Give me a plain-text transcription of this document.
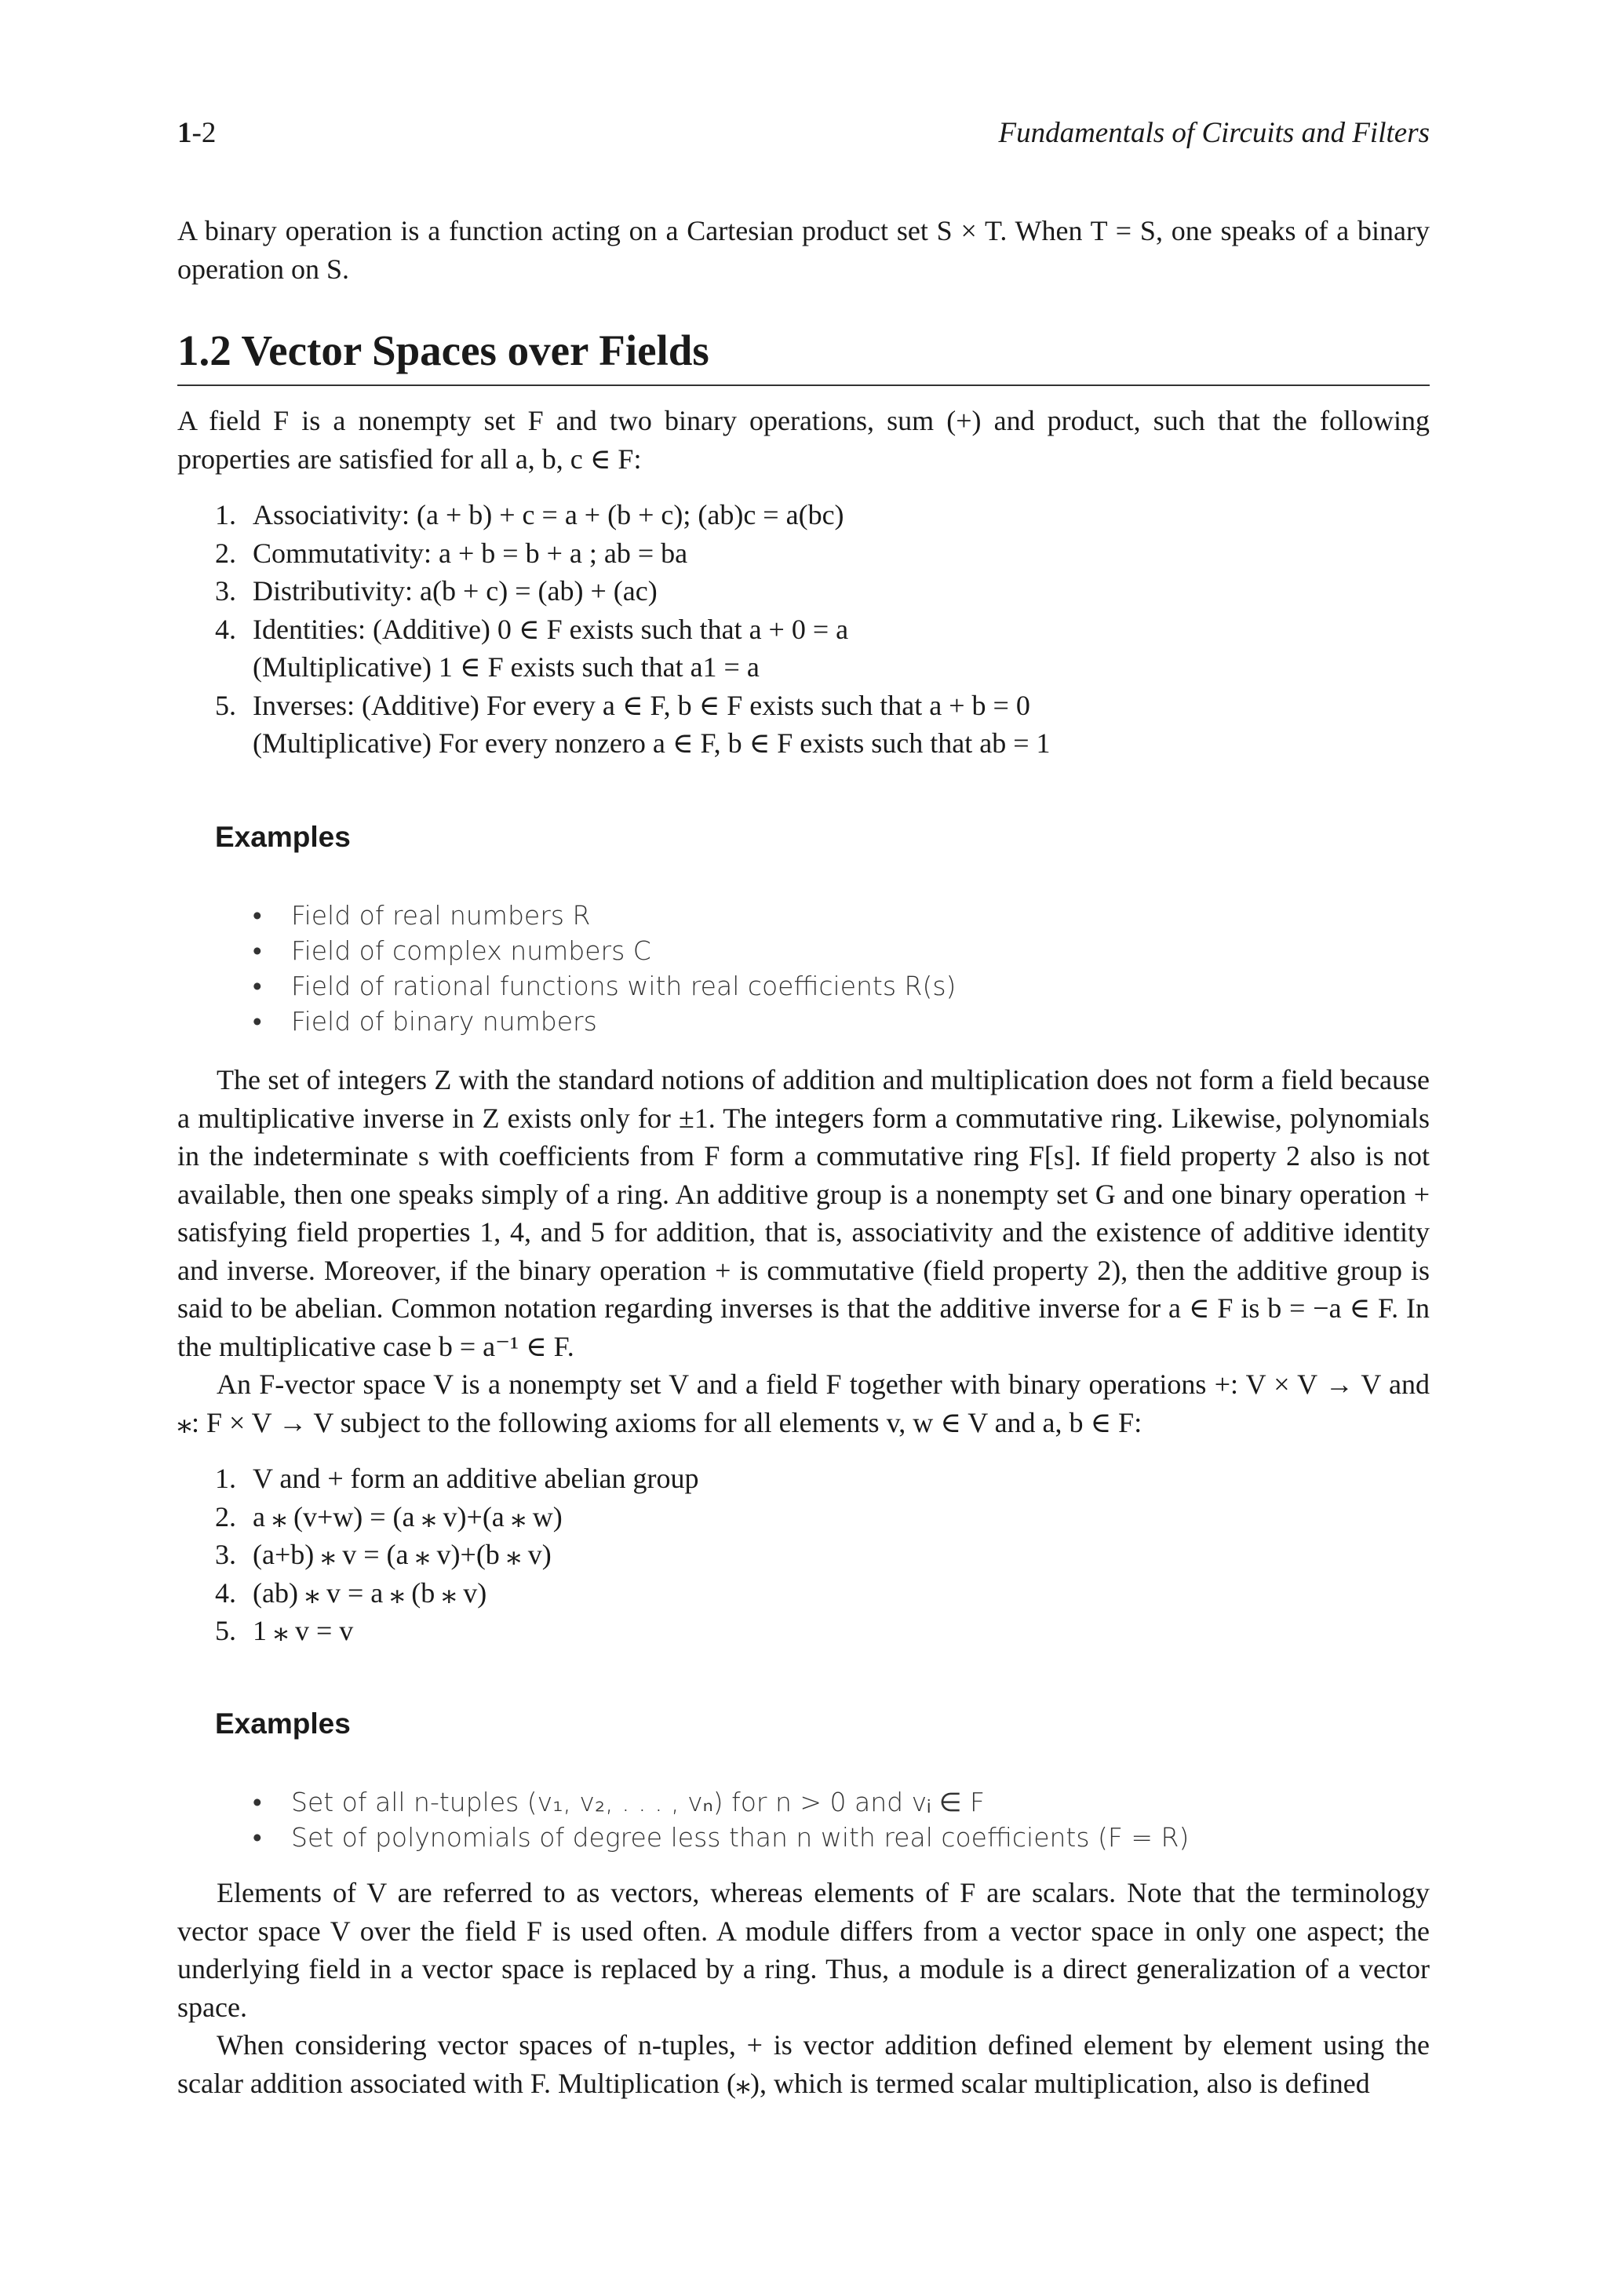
1-2	Fundamentals of Circuits and Filters

A binary operation is a function acting on a Cartesian product set S × T. When T = S, one speaks of a binary operation on S.

1.2 Vector Spaces over Fields

A field F is a nonempty set F and two binary operations, sum (+) and product, such that the following properties are satisfied for all a, b, c ∈ F:

1. Associativity: (a + b) + c = a + (b + c); (ab)c = a(bc)
2. Commutativity: a + b = b + a ; ab = ba
3. Distributivity: a(b + c) = (ab) + (ac)
4. Identities: (Additive) 0 ∈ F exists such that a + 0 = a
(Multiplicative) 1 ∈ F exists such that a1 = a
5. Inverses: (Additive) For every a ∈ F, b ∈ F exists such that a + b = 0
(Multiplicative) For every nonzero a ∈ F, b ∈ F exists such that ab = 1
Examples
• Field of real numbers R
• Field of complex numbers C
• Field of rational functions with real coefficients R(s)
• Field of binary numbers

The set of integers Z with the standard notions of addition and multiplication does not form a field because a multiplicative inverse in Z exists only for ±1. The integers form a commutative ring. Likewise, polynomials in the indeterminate s with coefficients from F form a commutative ring F[s]. If field property 2 also is not available, then one speaks simply of a ring. An additive group is a nonempty set G and one binary operation + satisfying field properties 1, 4, and 5 for addition, that is, associativity and the existence of additive identity and inverse. Moreover, if the binary operation + is commutative (field property 2), then the additive group is said to be abelian. Common notation regarding inverses is that the additive inverse for a ∈ F is b = −a ∈ F. In the multiplicative case b = a⁻¹ ∈ F.

An F-vector space V is a nonempty set V and a field F together with binary operations +: V × V → V and ⁎: F × V → V subject to the following axioms for all elements v, w ∈ V and a, b ∈ F:

1. V and + form an additive abelian group
2. a ⁎ (v+w) = (a ⁎ v)+(a ⁎ w)
3. (a+b) ⁎ v = (a ⁎ v)+(b ⁎ v)
4. (ab) ⁎ v = a ⁎ (b ⁎ v)
5. 1 ⁎ v = v
Examples
• Set of all n-tuples (v₁, v₂, . . . , vₙ) for n > 0 and vᵢ ∈ F
• Set of polynomials of degree less than n with real coefficients (F = R)

Elements of V are referred to as vectors, whereas elements of F are scalars. Note that the terminology vector space V over the field F is used often. A module differs from a vector space in only one aspect; the underlying field in a vector space is replaced by a ring. Thus, a module is a direct generalization of a vector space.

When considering vector spaces of n-tuples, + is vector addition defined element by element using the scalar addition associated with F. Multiplication (⁎), which is termed scalar multiplication, also is defined
